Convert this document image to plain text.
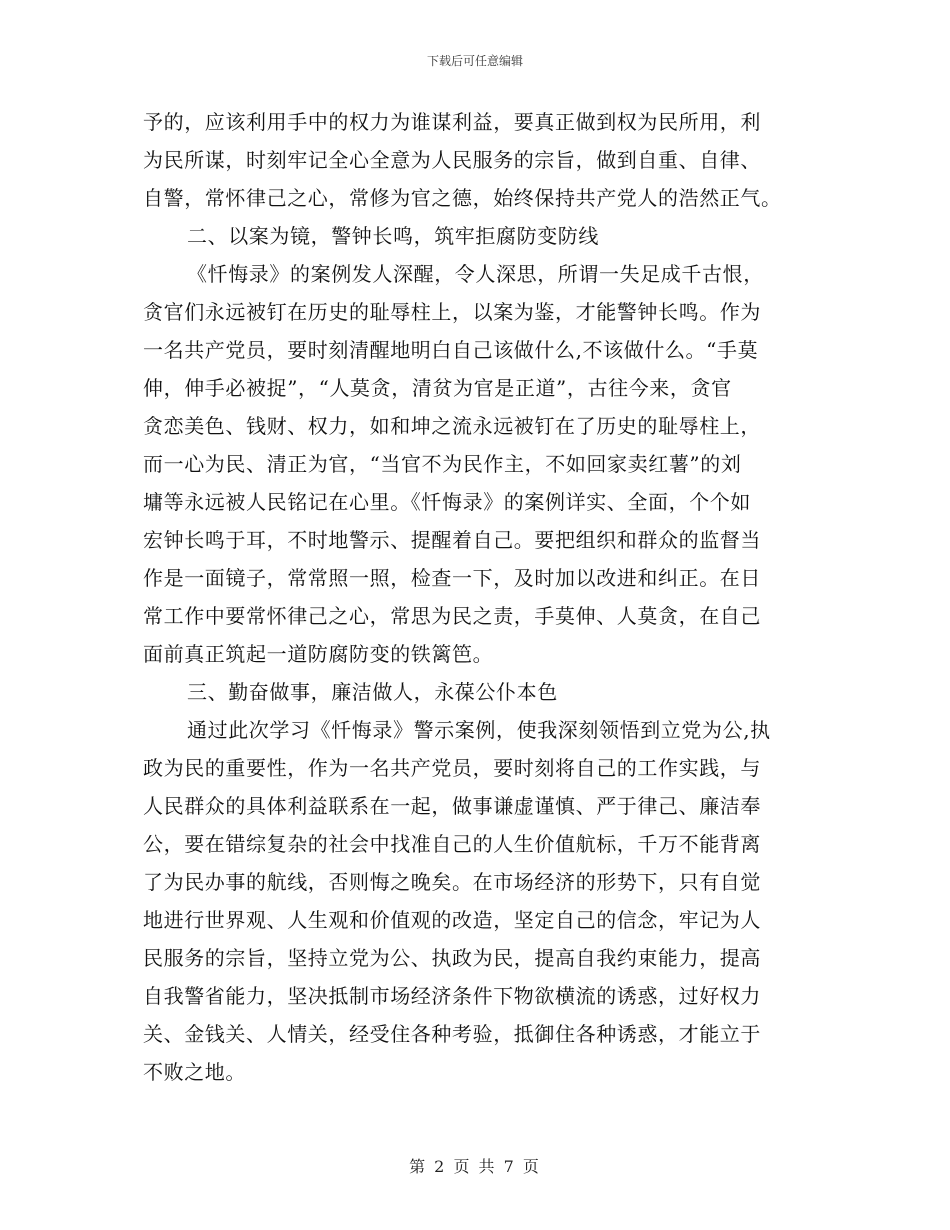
下载后可任意编辑
予的，应该利用手中的权力为谁谋利益，要真正做到权为民所用，利
为民所谋，时刻牢记全心全意为人民服务的宗旨，做到自重、自律、
自警，常怀律己之心，常修为官之德，始终保持共产党人的浩然正气。
二、以案为镜，警钟长鸣，筑牢拒腐防变防线
《忏悔录》的案例发人深醒，令人深思，所谓一失足成千古恨，
贪官们永远被钉在历史的耻辱柱上，以案为鉴，才能警钟长鸣。作为
一名共产党员，要时刻清醒地明白自己该做什么,不该做什么。“手莫
伸，伸手必被捉”，“人莫贪，清贫为官是正道”，古往今来，贪官
贪恋美色、钱财、权力，如和坤之流永远被钉在了历史的耻辱柱上，
而一心为民、清正为官，“当官不为民作主，不如回家卖红薯”的刘
墉等永远被人民铭记在心里。《忏悔录》的案例详实、全面，个个如
宏钟长鸣于耳，不时地警示、提醒着自己。要把组织和群众的监督当
作是一面镜子，常常照一照，检查一下，及时加以改进和纠正。在日
常工作中要常怀律己之心，常思为民之责，手莫伸、人莫贪，在自己
面前真正筑起一道防腐防变的铁篱笆。
三、勤奋做事，廉洁做人，永葆公仆本色
通过此次学习《忏悔录》警示案例，使我深刻领悟到立党为公,执
政为民的重要性，作为一名共产党员，要时刻将自己的工作实践，与
人民群众的具体利益联系在一起，做事谦虚谨慎、严于律己、廉洁奉
公，要在错综复杂的社会中找准自己的人生价值航标，千万不能背离
了为民办事的航线，否则悔之晚矣。在市场经济的形势下，只有自觉
地进行世界观、人生观和价值观的改造，坚定自己的信念，牢记为人
民服务的宗旨，坚持立党为公、执政为民，提高自我约束能力，提高
自我警省能力，坚决抵制市场经济条件下物欲横流的诱惑，过好权力
关、金钱关、人情关，经受住各种考验，抵御住各种诱惑，才能立于
不败之地。
第 2 页 共 7 页
